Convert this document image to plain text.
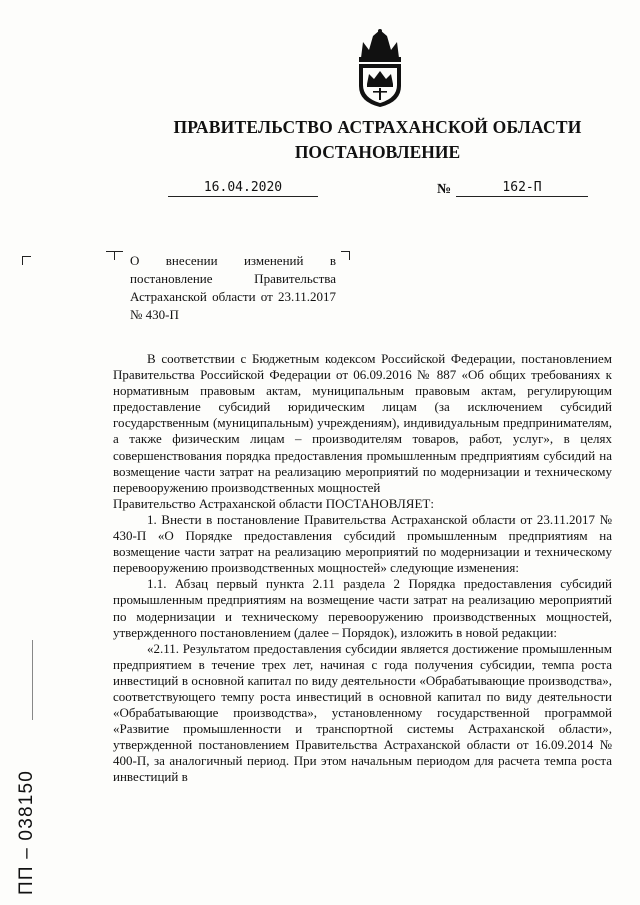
ПРАВИТЕЛЬСТВО АСТРАХАНСКОЙ ОБЛАСТИ
ПОСТАНОВЛЕНИЕ
16.04.2020	№	162-П
О внесении изменений в постановление Правительства Астраханской области от 23.11.2017 № 430-П

В соответствии с Бюджетным кодексом Российской Федерации, постановлением Правительства Российской Федерации от 06.09.2016 № 887 «Об общих требованиях к нормативным правовым актам, муниципальным правовым актам, регулирующим предоставление субсидий юридическим лицам (за исключением субсидий государственным (муниципальным) учреждениям), индивидуальным предпринимателям, а также физическим лицам – производителям товаров, работ, услуг», в целях совершенствования порядка предоставления промышленным предприятиям субсидий на возмещение части затрат на реализацию мероприятий по модернизации и техническому перевооружению производственных мощностей

Правительство Астраханской области ПОСТАНОВЛЯЕТ:

1. Внести в постановление Правительства Астраханской области от 23.11.2017 № 430-П «О Порядке предоставления субсидий промышленным предприятиям на возмещение части затрат на реализацию мероприятий по модернизации и техническому перевооружению производственных мощностей» следующие изменения:

1.1. Абзац первый пункта 2.11 раздела 2 Порядка предоставления субсидий промышленным предприятиям на возмещение части затрат на реализацию мероприятий по модернизации и техническому перевооружению производственных мощностей, утвержденного постановлением (далее – Порядок), изложить в новой редакции:

«2.11. Результатом предоставления субсидии является достижение промышленным предприятием в течение трех лет, начиная с года получения субсидии, темпа роста инвестиций в основной капитал по виду деятельности «Обрабатывающие производства», соответствующего темпу роста инвестиций в основной капитал по виду деятельности «Обрабатывающие производства», установленному государственной программой «Развитие промышленности и транспортной системы Астраханской области», утвержденной постановлением Правительства Астраханской области от 16.09.2014 № 400-П, за аналогичный период. При этом начальным периодом для расчета темпа роста инвестиций в

ПП – 038150
